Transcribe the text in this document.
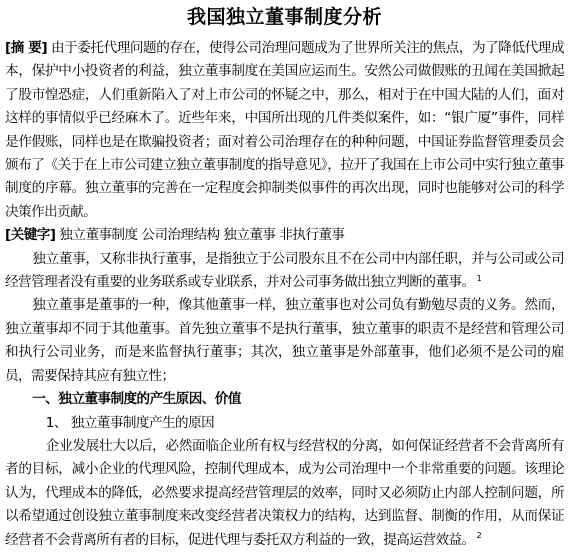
我国独立董事制度分析

[摘 要] 由于委托代理问题的存在，使得公司治理问题成为了世界所关注的焦点，为了降低代理成本，保护中小投资者的利益，独立董事制度在美国应运而生。安然公司做假账的丑闻在美国掀起了股市惶恐症，人们重新陷入了对上市公司的怀疑之中，那么，相对于在中国大陆的人们，面对这样的事情似乎已经麻木了。近些年来，中国所出现的几件类似案件，如：“银广厦”事件，同样是作假账，同样也是在欺骗投资者；面对着公司治理存在的种种问题，中国证券监督管理委员会颁布了《关于在上市公司建立独立董事制度的指导意见》，拉开了我国在上市公司中实行独立董事制度的序幕。独立董事的完善在一定程度会抑制类似事件的再次出现，同时也能够对公司的科学决策作出贡献。

[关键字] 独立董事制度 公司治理结构 独立董事 非执行董事

独立董事，又称非执行董事，是指独立于公司股东且不在公司中内部任职，并与公司或公司经营管理者没有重要的业务联系或专业联系，并对公司事务做出独立判断的董事。 $^1$

独立董事是董事的一种，像其他董事一样，独立董事也对公司负有勤勉尽责的义务。然而，独立董事却不同于其他董事。首先独立董事不是执行董事，独立董事的职责不是经营和管理公司和执行公司业务，而是来监督执行董事；其次，独立董事是外部董事，他们必须不是公司的雇员，需要保持其应有独立性；

一、独立董事制度的产生原因、价值

1、 独立董事制度产生的原因

企业发展壮大以后，必然面临企业所有权与经营权的分离，如何保证经营者不会背离所有者的目标，减小企业的代理风险，控制代理成本，成为公司治理中一个非常重要的问题。该理论认为，代理成本的降低，必然要求提高经营管理层的效率，同时又必须防止内部人控制问题，所以希望通过创设独立董事制度来改变经营者决策权力的结构，达到监督、制衡的作用，从而保证经营者不会背离所有者的目标，促进代理与委托双方利益的一致，提高运营效益。 $^2$
